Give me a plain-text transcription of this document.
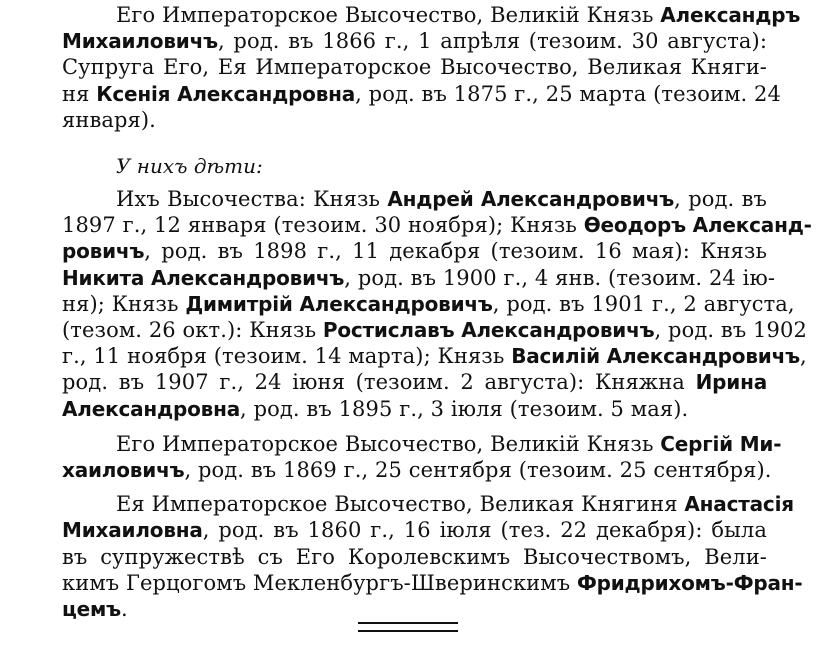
Его Императорское Высочество, Великій Князь Александръ
Михаиловичъ, род. въ 1866 г., 1 апрѣля (тезоим. 30 августа):
Супруга Его, Ея Императорское Высочество, Великая Княги-
ня Ксенія Александровна, род. въ 1875 г., 25 марта (тезоим. 24
января).
У нихъ дѣти:
Ихъ Высочества: Князь Андрей Александровичъ, род. въ
1897 г., 12 января (тезоим. 30 ноября); Князь Ѳеодоръ Александ-
ровичъ, род. въ 1898 г., 11 декабря (тезоим. 16 мая): Князь
Никита Александровичъ, род. въ 1900 г., 4 янв. (тезоим. 24 ію-
ня); Князь Димитрій Александровичъ, род. въ 1901 г., 2 августа,
(тезом. 26 окт.): Князь Ростиславъ Александровичъ, род. въ 1902
г., 11 ноября (тезоим. 14 марта); Князь Василій Александровичъ,
род. въ 1907 г., 24 іюня (тезоим. 2 августа): Княжна Ирина
Александровна, род. въ 1895 г., 3 іюля (тезоим. 5 мая).
Его Императорское Высочество, Великій Князь Сергій Ми-
хаиловичъ, род. въ 1869 г., 25 сентября (тезоим. 25 сентября).
Ея Императорское Высочество, Великая Княгиня Анастасія
Михаиловна, род. въ 1860 г., 16 іюля (тез. 22 декабря): была
въ супружествѣ съ Его Королевскимъ Высочествомъ, Вели-
кимъ Герцогомъ Мекленбургъ-Шверинскимъ Фридрихомъ-Фран-
цемъ.
